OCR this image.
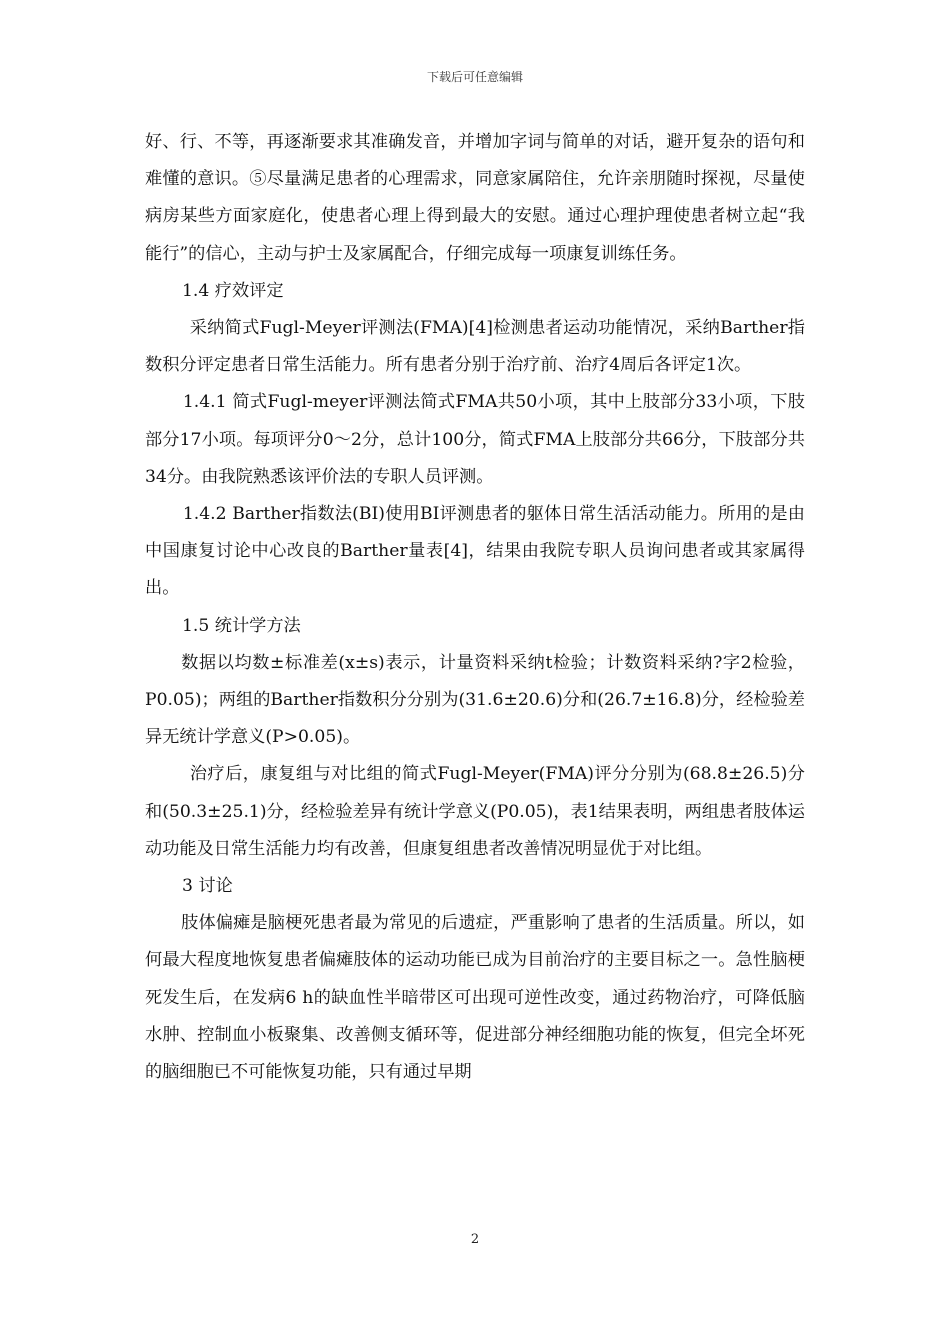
下载后可任意编辑

好、行、不等，再逐渐要求其准确发音，并增加字词与简单的对话，避开复杂的语句和难懂的意识。⑤尽量满足患者的心理需求，同意家属陪住，允许亲朋随时探视，尽量使病房某些方面家庭化，使患者心理上得到最大的安慰。通过心理护理使患者树立起“我能行”的信心，主动与护士及家属配合，仔细完成每一项康复训练任务。

1.4 疗效评定

采纳简式Fugl-Meyer评测法(FMA)[4]检测患者运动功能情况，采纳Barther指数积分评定患者日常生活能力。所有患者分别于治疗前、治疗4周后各评定1次。

1.4.1 简式Fugl-meyer评测法简式FMA共50小项，其中上肢部分33小项，下肢部分17小项。每项评分0～2分，总计100分，简式FMA上肢部分共66分，下肢部分共34分。由我院熟悉该评价法的专职人员评测。

1.4.2 Barther指数法(BI)使用BI评测患者的躯体日常生活活动能力。所用的是由中国康复讨论中心改良的Barther量表[4]，结果由我院专职人员询问患者或其家属得出。

1.5 统计学方法

数据以均数±标准差(x±s)表示，计量资料采纳t检验；计数资料采纳?字2检验， P0.05)；两组的Barther指数积分分别为(31.6±20.6)分和(26.7±16.8)分，经检验差异无统计学意义(P>0.05)。

治疗后，康复组与对比组的简式Fugl-Meyer(FMA)评分分别为(68.8±26.5)分和(50.3±25.1)分，经检验差异有统计学意义(P0.05)，表1结果表明，两组患者肢体运动功能及日常生活能力均有改善，但康复组患者改善情况明显优于对比组。

3 讨论

肢体偏瘫是脑梗死患者最为常见的后遗症，严重影响了患者的生活质量。所以，如何最大程度地恢复患者偏瘫肢体的运动功能已成为目前治疗的主要目标之一。急性脑梗死发生后，在发病6 h的缺血性半暗带区可出现可逆性改变，通过药物治疗，可降低脑水肿、控制血小板聚集、改善侧支循环等，促进部分神经细胞功能的恢复，但完全坏死的脑细胞已不可能恢复功能，只有通过早期

2
